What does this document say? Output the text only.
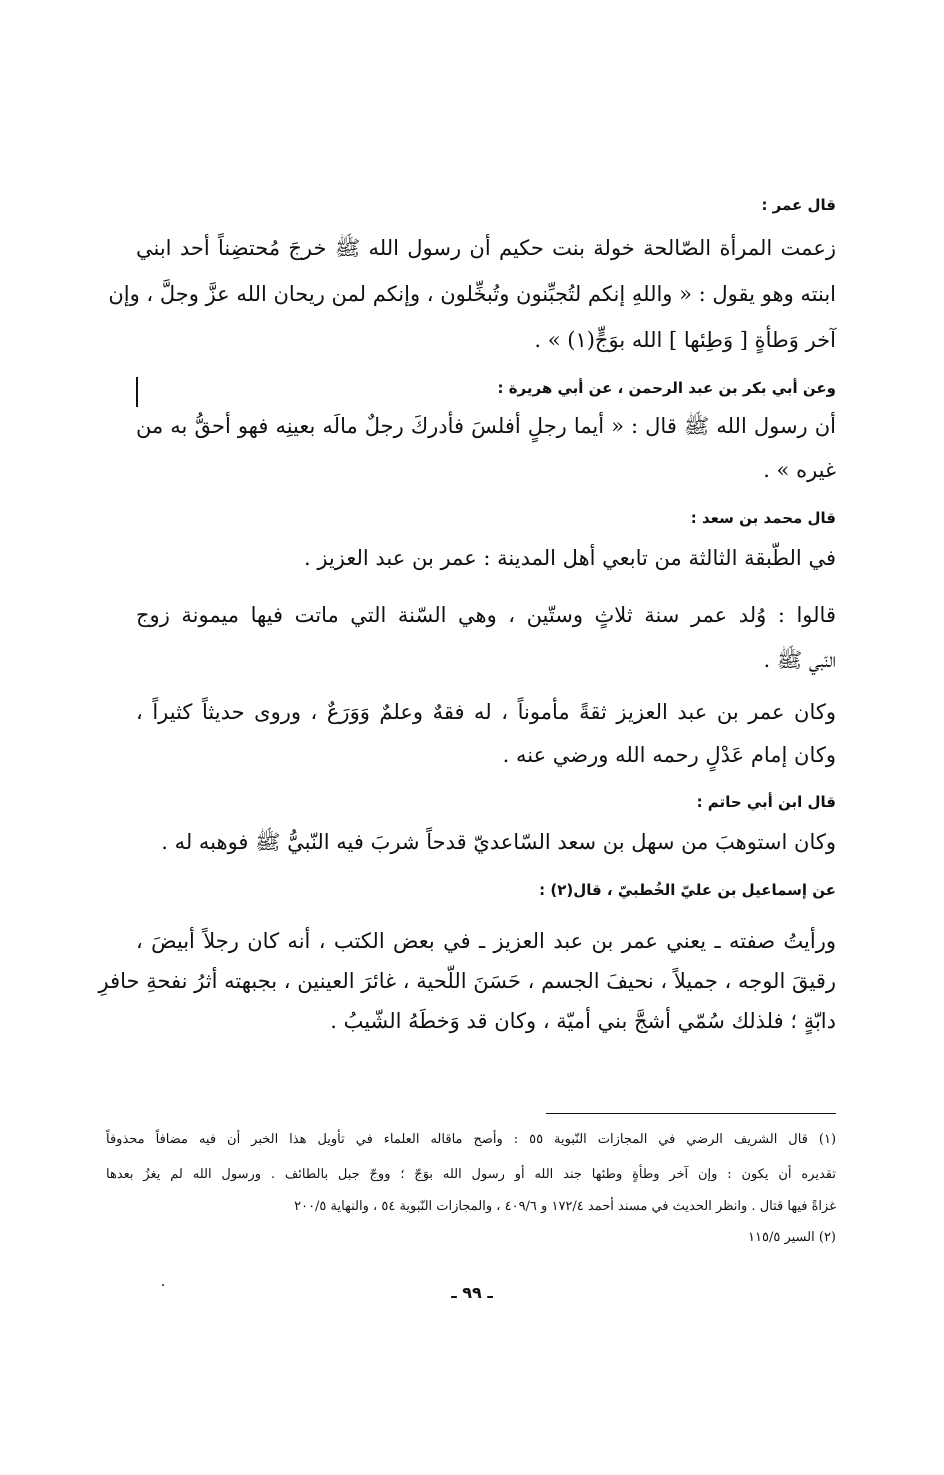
قال عمر :
زعمت المرأة الصّالحة خولة بنت حكيم أن رسول الله ﷺ خرجَ مُحتضِناً أحد ابني
ابنته وهو يقول : « واللهِ إنكم لتُجبِّنون وتُبخِّلون ، وإنكم لمن ريحان الله عزَّ وجلَّ ، وإن
آخر وَطأةٍ [ وَطِئها ] الله بوَجٍّ(١) » .
وعن أبي بكر بن عبد الرحمن ، عن أبي هريرة :
أن رسول الله ﷺ قال : « أيما رجلٍ أفلسَ فأدركَ رجلٌ مالَه بعينِه فهو أحقُّ به من
غيره » .
قال محمد بن سعد :
في الطّبقة الثالثة من تابعي أهل المدينة : عمر بن عبد العزيز .
قالوا : وُلد عمر سنة ثلاثٍ وستّين ، وهي السّنة التي ماتت فيها ميمونة زوج
النّبي ﷺ .
وكان عمر بن عبد العزيز ثقةً مأموناً ، له فقهٌ وعلمٌ وَوَرَعٌ ، وروى حديثاً كثيراً ،
وكان إمام عَدْلٍ رحمه الله ورضي عنه .
قال ابن أبي حاتم :
وكان استوهبَ من سهل بن سعد السّاعديّ قدحاً شربَ فيه النّبيُّ ﷺ فوهبه له .
عن إسماعيل بن عليّ الخُطبيّ ، قال(٢) :
ورأيتُ صفته ـ يعني عمر بن عبد العزيز ـ في بعض الكتب ، أنه كان رجلاً أبيضَ ،
رقيقَ الوجه ، جميلاً ، نحيفَ الجسم ، حَسَنَ اللّحية ، غائرَ العينين ، بجبهته أثرُ نفحةِ حافرِ
دابّةٍ ؛ فلذلك سُمّي أشجَّ بني أميّة ، وكان قد وَخطَهُ الشّيبُ .
(١) قال الشريف الرضي في المجازات النّبوية ٥٥ : وأصح ماقاله العلماء في تأويل هذا الخبر أن فيه مضافاً محذوفاً
تقديره أن يكون : وإن آخر وطأةٍ وطئها جند الله أو رسول الله بوَجّ ؛ ووجّ جبل بالطائف . ورسول الله لم يغزُ بعدها
غزاةً فيها قتال . وانظر الحديث في مسند أحمد ١٧٢/٤ و ٤٠٩/٦ ، والمجازات النّبوية ٥٤ ، والنهاية ٢٠٠/٥
(٢) السير ١١٥/٥
ـ ٩٩ ـ
